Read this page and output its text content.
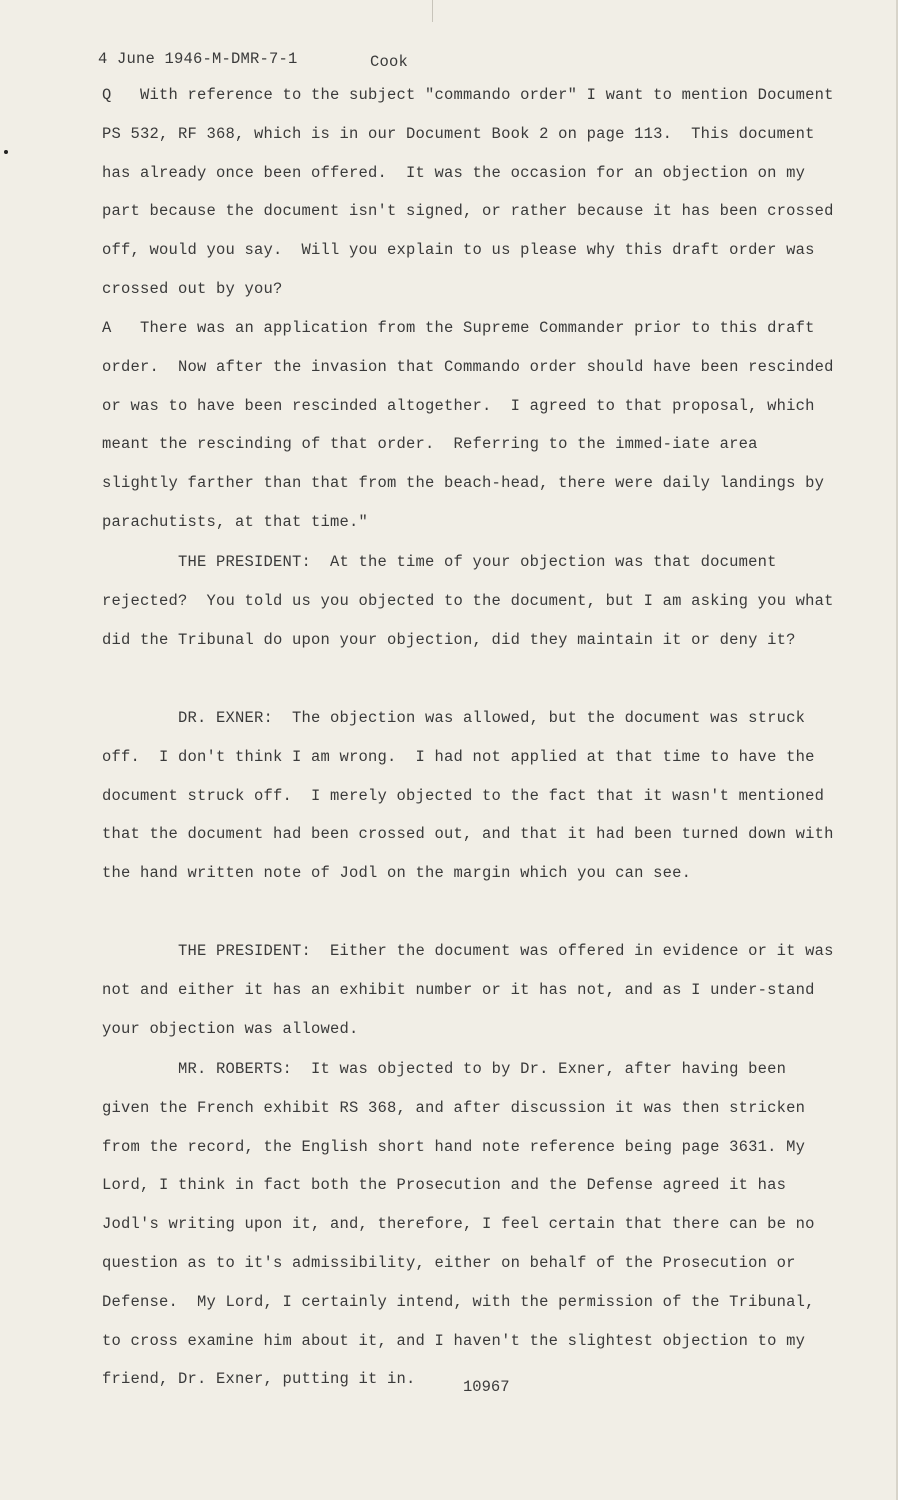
4 June 1946-M-DMR-7-1	Cook
Q   With reference to the subject "commando order" I want to mention Document PS 532, RF 368, which is in our Document Book 2 on page 113.  This document has already once been offered.  It was the occasion for an objection on my part because the document isn't signed, or rather because it has been crossed off, would you say.  Will you explain to us please why this draft order was crossed out by you?
A   There was an application from the Supreme Commander prior to this draft order.  Now after the invasion that Commando order should have been rescinded or was to have been rescinded altogether.  I agreed to that proposal, which meant the rescinding of that order.  Referring to the immed-iate area slightly farther than that from the beach-head, there were daily landings by parachutists, at that time."
THE PRESIDENT:  At the time of your objection was that document rejected?  You told us you objected to the document, but I am asking you what did the Tribunal do upon your objection, did they maintain it or deny it?
DR. EXNER:  The objection was allowed, but the document was struck off.  I don't think I am wrong.  I had not applied at that time to have the document struck off.  I merely objected to the fact that it wasn't mentioned that the document had been crossed out, and that it had been turned down with the hand written note of Jodl on the margin which you can see.
THE PRESIDENT:  Either the document was offered in evidence or it was not and either it has an exhibit number or it has not, and as I under-stand your objection was allowed.
MR. ROBERTS:  It was objected to by Dr. Exner, after having been given the French exhibit RS 368, and after discussion it was then stricken from the record, the English short hand note reference being page 3631. My Lord, I think in fact both the Prosecution and the Defense agreed it has Jodl's writing upon it, and, therefore, I feel certain that there can be no question as to it's admissibility, either on behalf of the Prosecution or Defense.  My Lord, I certainly intend, with the permission of the Tribunal, to cross examine him about it, and I haven't the slightest objection to my friend, Dr. Exner, putting it in.	10967
